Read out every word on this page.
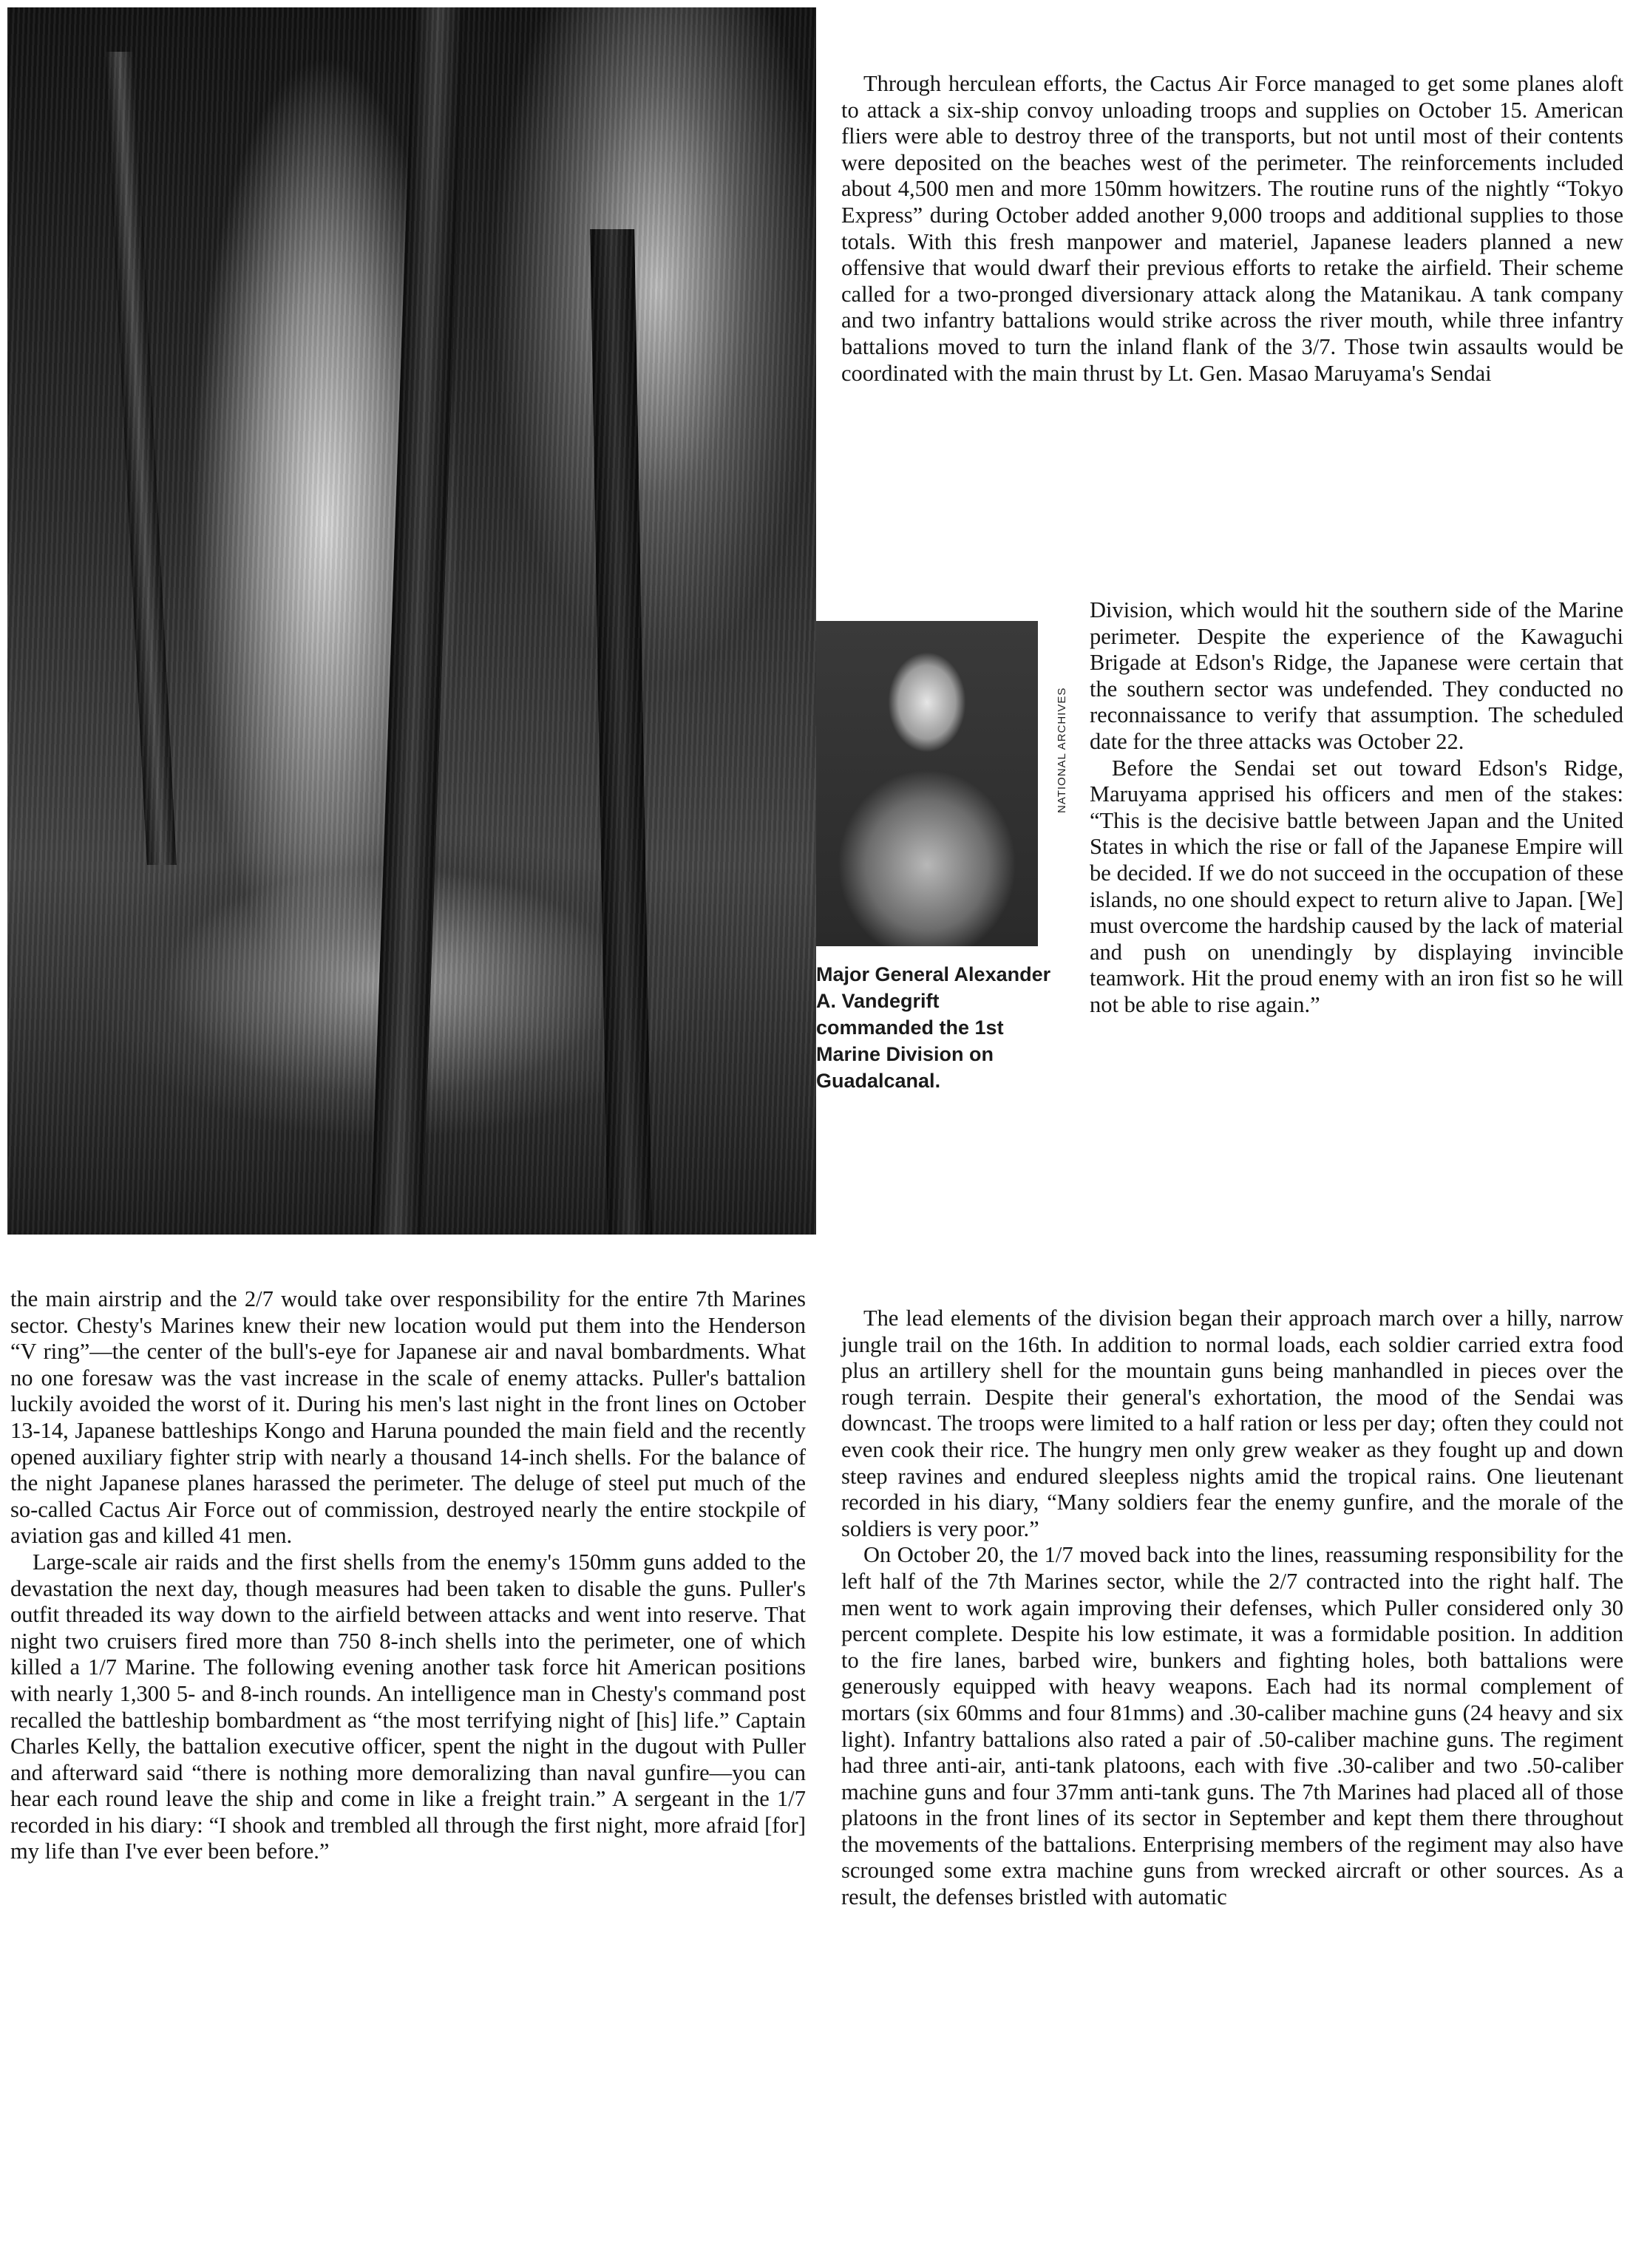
Through herculean efforts, the Cactus Air Force managed to get some planes aloft to attack a six-ship convoy unloading troops and supplies on October 15. American fliers were able to destroy three of the transports, but not until most of their contents were deposited on the beaches west of the perimeter. The reinforcements included about 4,500 men and more 150mm howitzers. The routine runs of the nightly “Tokyo Express” during October added another 9,000 troops and additional supplies to those totals. With this fresh manpower and materiel, Japanese leaders planned a new offensive that would dwarf their previous efforts to retake the airfield. Their scheme called for a two-pronged diversionary attack along the Matanikau. A tank company and two infantry battalions would strike across the river mouth, while three infantry battalions moved to turn the inland flank of the 3/7. Those twin assaults would be coordinated with the main thrust by Lt. Gen. Masao Maruyama's Sendai

NATIONAL ARCHIVES
Major General Alexander A. Vandegrift commanded the 1st Marine Division on Guadalcanal.

Division, which would hit the southern side of the Marine perimeter. Despite the experience of the Kawaguchi Brigade at Edson's Ridge, the Japanese were certain that the southern sector was undefended. They conducted no reconnaissance to verify that assumption. The scheduled date for the three attacks was October 22.

Before the Sendai set out toward Edson's Ridge, Maruyama apprised his officers and men of the stakes: “This is the decisive battle between Japan and the United States in which the rise or fall of the Japanese Empire will be decided. If we do not succeed in the occupation of these islands, no one should expect to return alive to Japan. [We] must overcome the hardship caused by the lack of material and push on unendingly by displaying invincible teamwork. Hit the proud enemy with an iron fist so he will not be able to rise again.”

the main airstrip and the 2/7 would take over responsibility for the entire 7th Marines sector. Chesty's Marines knew their new location would put them into the Henderson “V ring”—the center of the bull's-eye for Japanese air and naval bombardments. What no one foresaw was the vast increase in the scale of enemy attacks. Puller's battalion luckily avoided the worst of it. During his men's last night in the front lines on October 13-14, Japanese battleships Kongo and Haruna pounded the main field and the recently opened auxiliary fighter strip with nearly a thousand 14-inch shells. For the balance of the night Japanese planes harassed the perimeter. The deluge of steel put much of the so-called Cactus Air Force out of commission, destroyed nearly the entire stockpile of aviation gas and killed 41 men.

Large-scale air raids and the first shells from the enemy's 150mm guns added to the devastation the next day, though measures had been taken to disable the guns. Puller's outfit threaded its way down to the airfield between attacks and went into reserve. That night two cruisers fired more than 750 8-inch shells into the perimeter, one of which killed a 1/7 Marine. The following evening another task force hit American positions with nearly 1,300 5- and 8-inch rounds. An intelligence man in Chesty's command post recalled the battleship bombardment as “the most terrifying night of [his] life.” Captain Charles Kelly, the battalion executive officer, spent the night in the dugout with Puller and afterward said “there is nothing more demoralizing than naval gunfire—you can hear each round leave the ship and come in like a freight train.” A sergeant in the 1/7 recorded in his diary: “I shook and trembled all through the first night, more afraid [for] my life than I've ever been before.”

The lead elements of the division began their approach march over a hilly, narrow jungle trail on the 16th. In addition to normal loads, each soldier carried extra food plus an artillery shell for the mountain guns being manhandled in pieces over the rough terrain. Despite their general's exhortation, the mood of the Sendai was downcast. The troops were limited to a half ration or less per day; often they could not even cook their rice. The hungry men only grew weaker as they fought up and down steep ravines and endured sleepless nights amid the tropical rains. One lieutenant recorded in his diary, “Many soldiers fear the enemy gunfire, and the morale of the soldiers is very poor.”

On October 20, the 1/7 moved back into the lines, reassuming responsibility for the left half of the 7th Marines sector, while the 2/7 contracted into the right half. The men went to work again improving their defenses, which Puller considered only 30 percent complete. Despite his low estimate, it was a formidable position. In addition to the fire lanes, barbed wire, bunkers and fighting holes, both battalions were generously equipped with heavy weapons. Each had its normal complement of mortars (six 60mms and four 81mms) and .30-caliber machine guns (24 heavy and six light). Infantry battalions also rated a pair of .50-caliber machine guns. The regiment had three anti-air, anti-tank platoons, each with five .30-caliber and two .50-caliber machine guns and four 37mm anti-tank guns. The 7th Marines had placed all of those platoons in the front lines of its sector in September and kept them there throughout the movements of the battalions. Enterprising members of the regiment may also have scrounged some extra machine guns from wrecked aircraft or other sources. As a result, the defenses bristled with automatic
